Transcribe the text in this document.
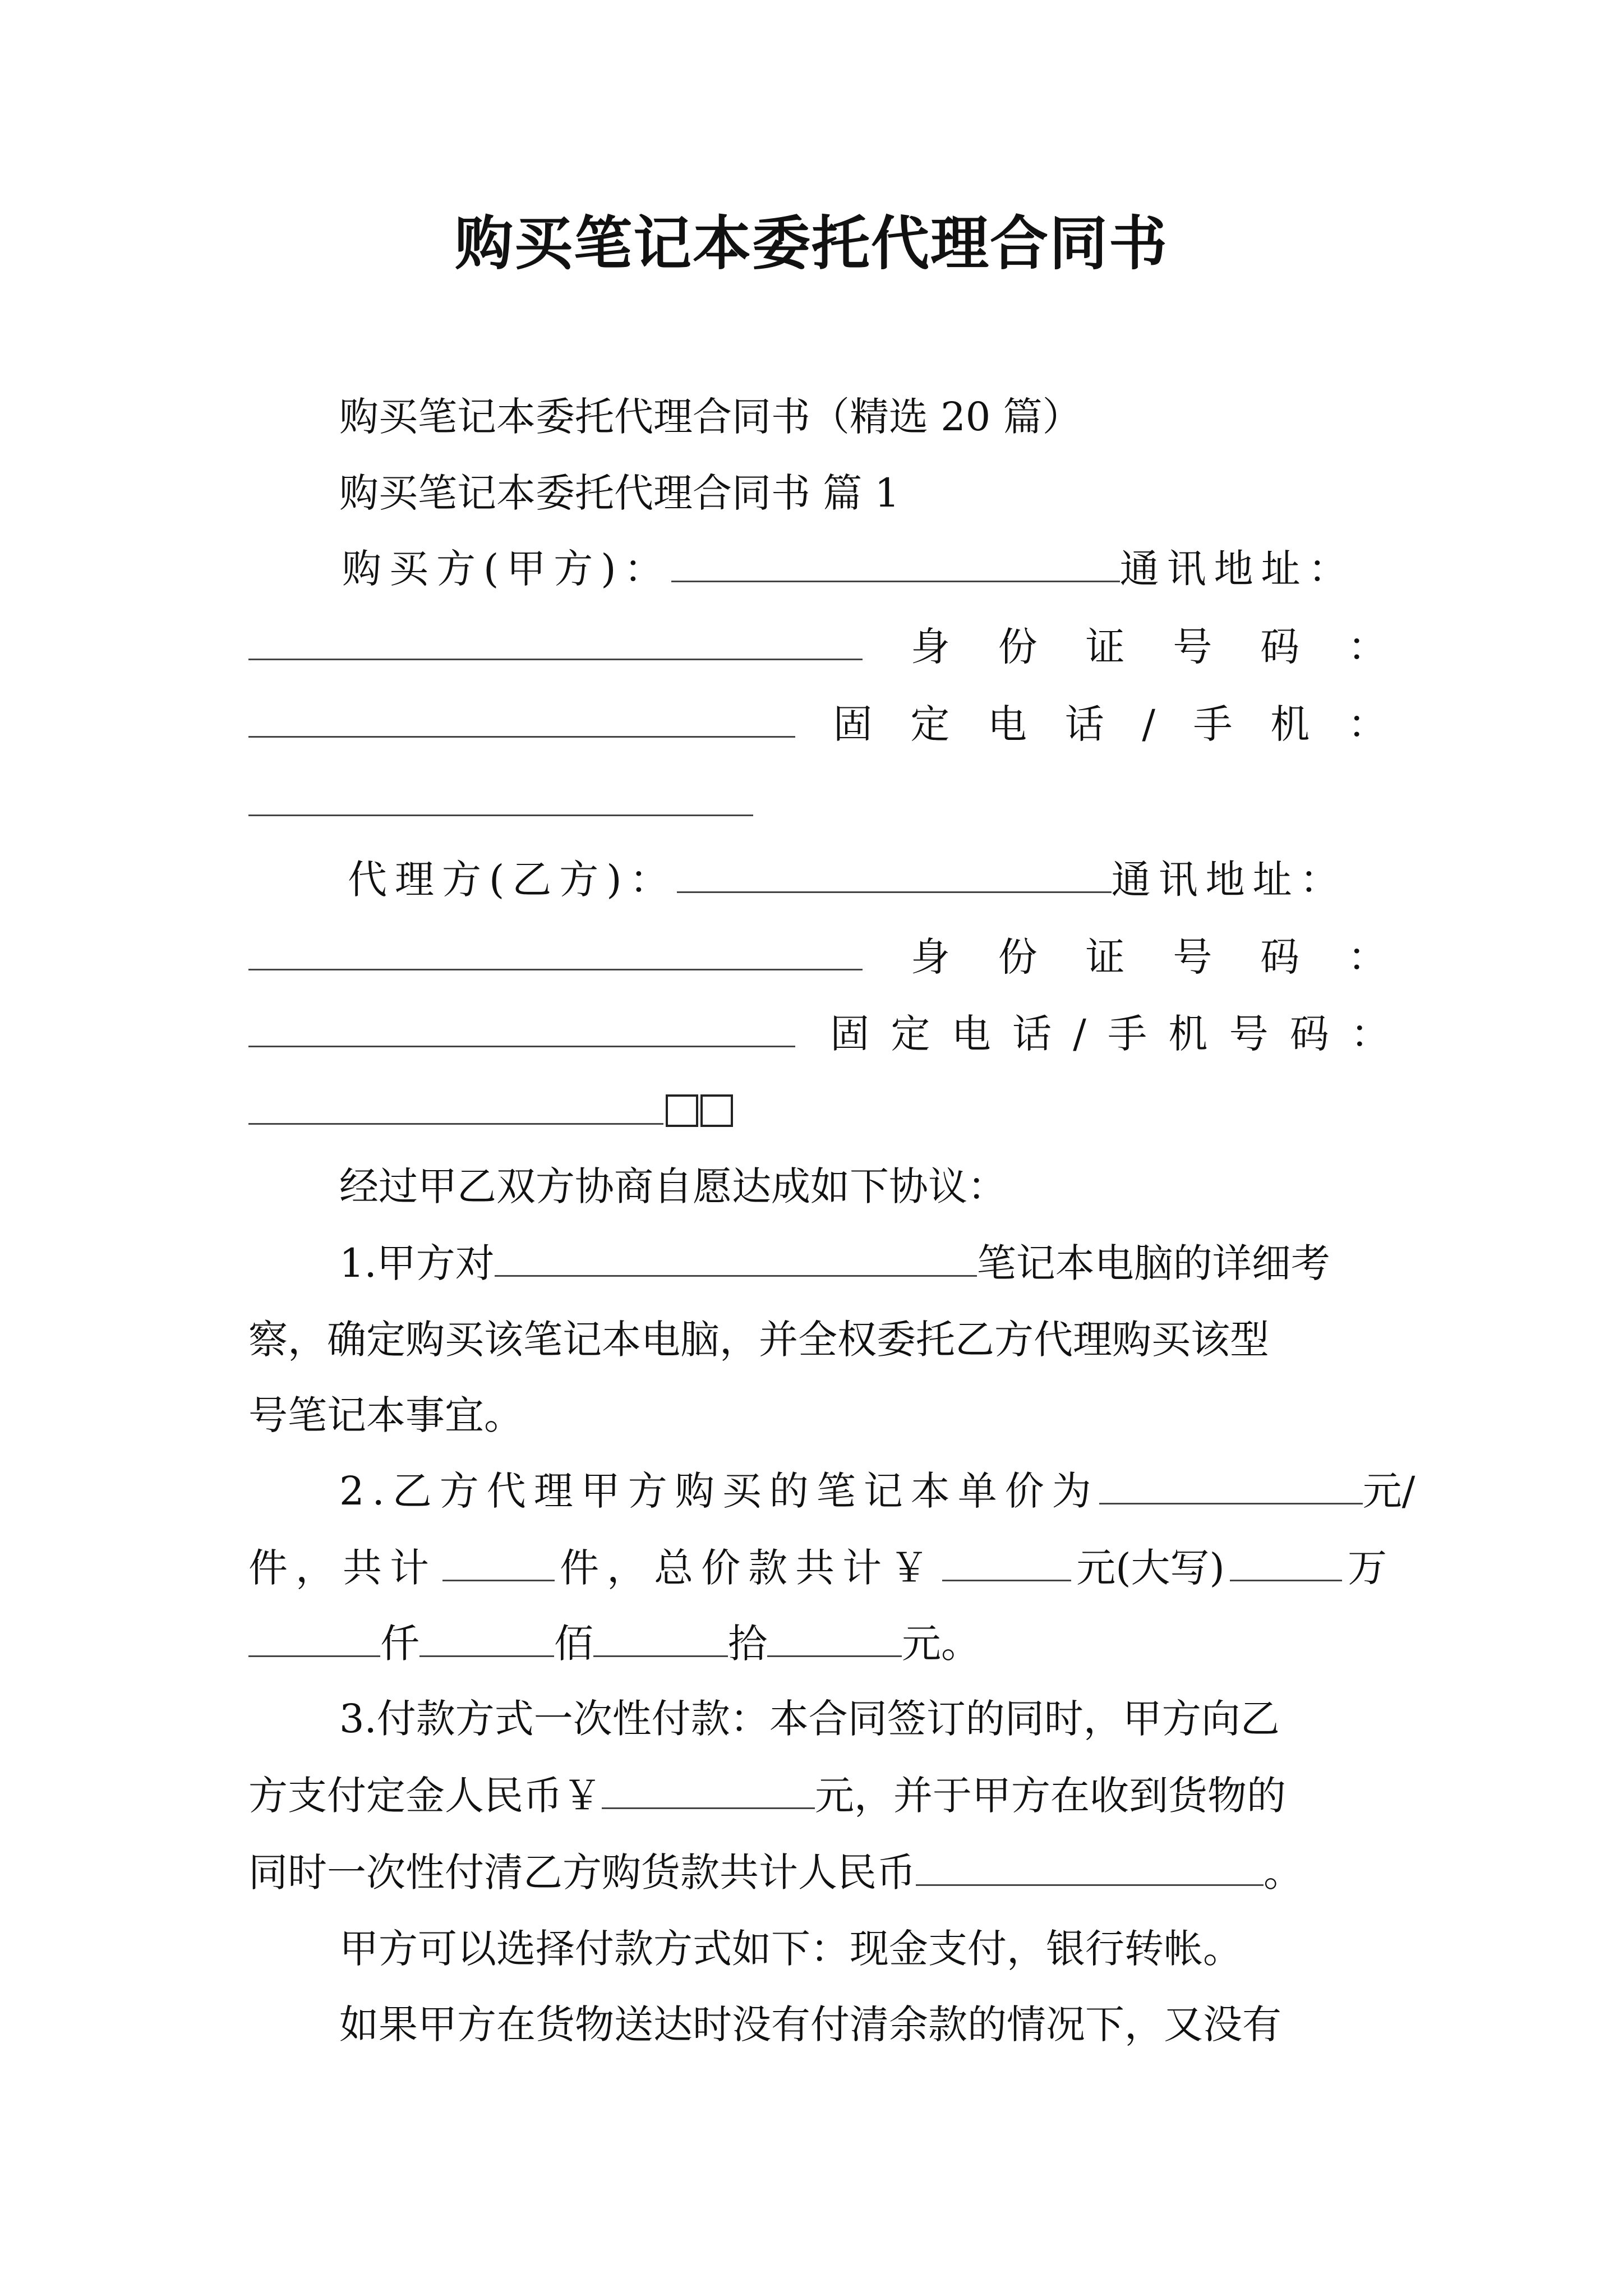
购买笔记本委托代理合同书
购买笔记本委托代理合同书（精选 20 篇）
购买笔记本委托代理合同书 篇 1
购买方(甲方)：	通讯地址：
身 份 证 号 码 ：
固 定 电 话 / 手 机 ：
代理方(乙方)：	通讯地址：
身 份 证 号 码 ：
固 定 电 话 / 手 机 号 码 ：
经过甲乙双方协商自愿达成如下协议：
1.甲方对	笔记本电脑的详细考
察，确定购买该笔记本电脑，并全权委托乙方代理购买该型
号笔记本事宜。
2.乙方代理甲方购买的笔记本单价为	元/
件，共计	件，总价款共计￥	元(大写)	万
仟	佰	拾	元。
3.付款方式一次性付款：本合同签订的同时，甲方向乙
方支付定金人民币￥	元，并于甲方在收到货物的
同时一次性付清乙方购货款共计人民币	。
甲方可以选择付款方式如下：现金支付，银行转帐。
如果甲方在货物送达时没有付清余款的情况下，又没有
